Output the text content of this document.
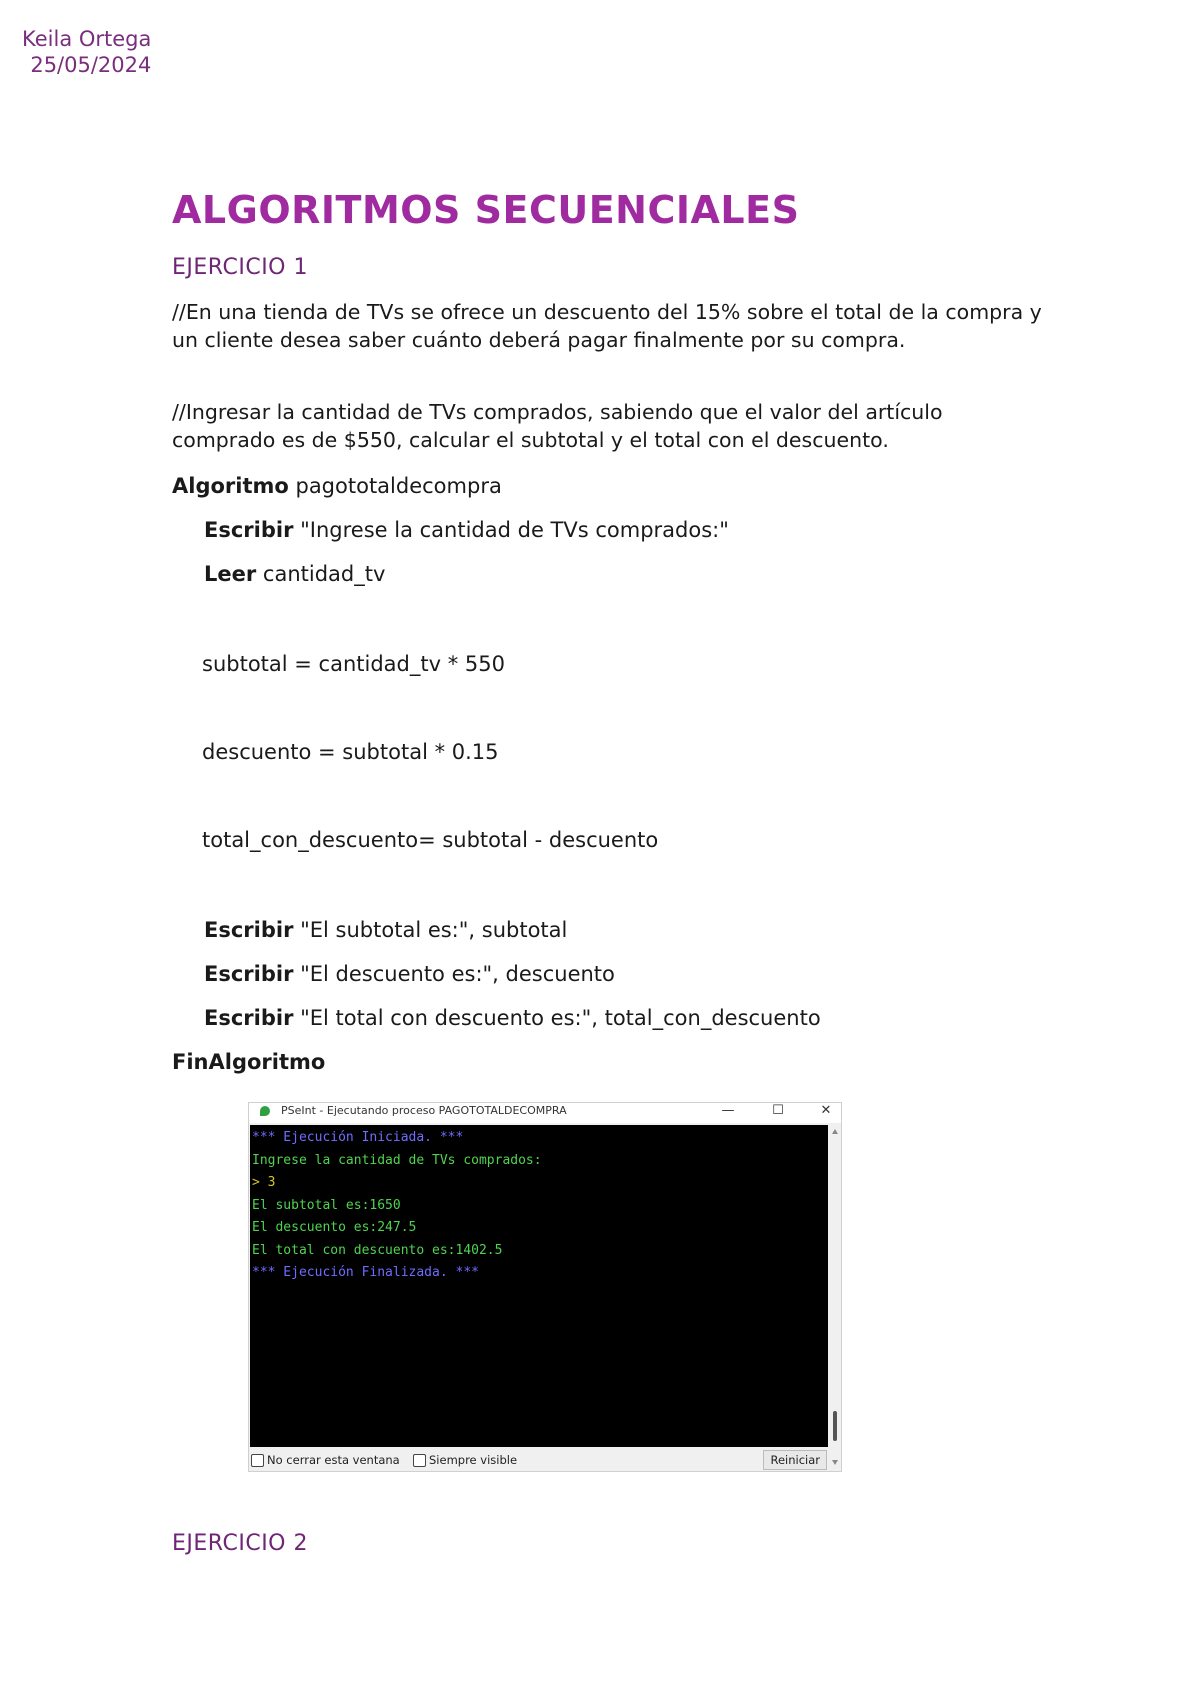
Keila Ortega
25/05/2024
ALGORITMOS SECUENCIALES
EJERCICIO 1
//En una tienda de TVs se ofrece un descuento del 15% sobre el total de la compra y un cliente desea saber cuánto deberá pagar finalmente por su compra.
//Ingresar la cantidad de TVs comprados, sabiendo que el valor del artículo comprado es de $550, calcular el subtotal y el total con el descuento.
Algoritmo pagototaldecompra
Escribir "Ingrese la cantidad de TVs comprados:"
Leer cantidad_tv
subtotal = cantidad_tv * 550
descuento = subtotal * 0.15
total_con_descuento= subtotal - descuento
Escribir "El subtotal es:", subtotal
Escribir "El descuento es:", descuento
Escribir "El total con descuento es:", total_con_descuento
FinAlgoritmo
PSeInt - Ejecutando proceso PAGOTOTALDECOMPRA	—	☐	✕
*** Ejecución Iniciada. ***
Ingrese la cantidad de TVs comprados:
> 3
El subtotal es:1650
El descuento es:247.5
El total con descuento es:1402.5
*** Ejecución Finalizada. ***
No cerrar esta ventana	Siempre visible	Reiniciar
EJERCICIO 2
